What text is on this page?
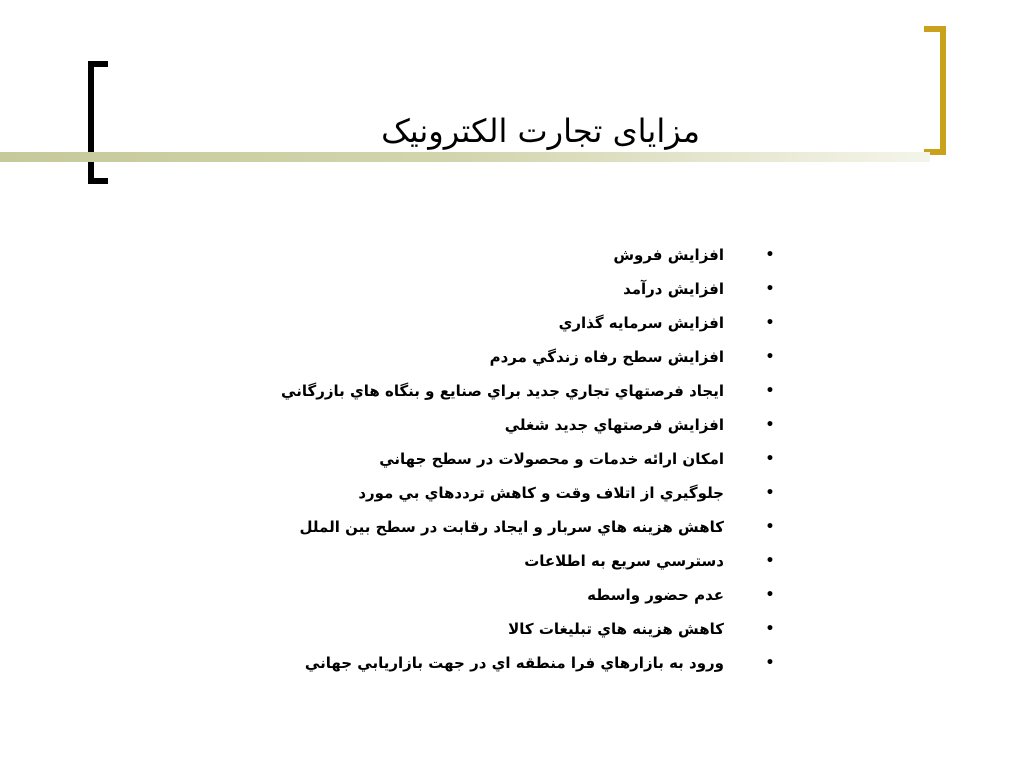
مزایای تجارت الکترونیک
•
افزایش فروش
•
افزایش درآمد
•
افزايش سرمايه گذاري
•
افزايش سطح رفاه زندگي مردم
•
ايجاد فرصتهاي تجاري جديد براي صنايع و بنگاه هاي بازرگاني
•
افزايش فرصتهاي جديد شغلي
•
امكان ارائه خدمات و محصولات در سطح جهاني
•
جلوگيري از اتلاف وقت و كاهش ترددهاي بي مورد
•
كاهش هزينه هاي سربار و ايجاد رقابت در سطح بين الملل
•
دسترسي سريع به اطلاعات
•
عدم حضور واسطه
•
كاهش هزينه هاي تبليغات كالا
•
ورود به بازارهاي فرا منطقه اي در جهت بازاريابي جهاني
